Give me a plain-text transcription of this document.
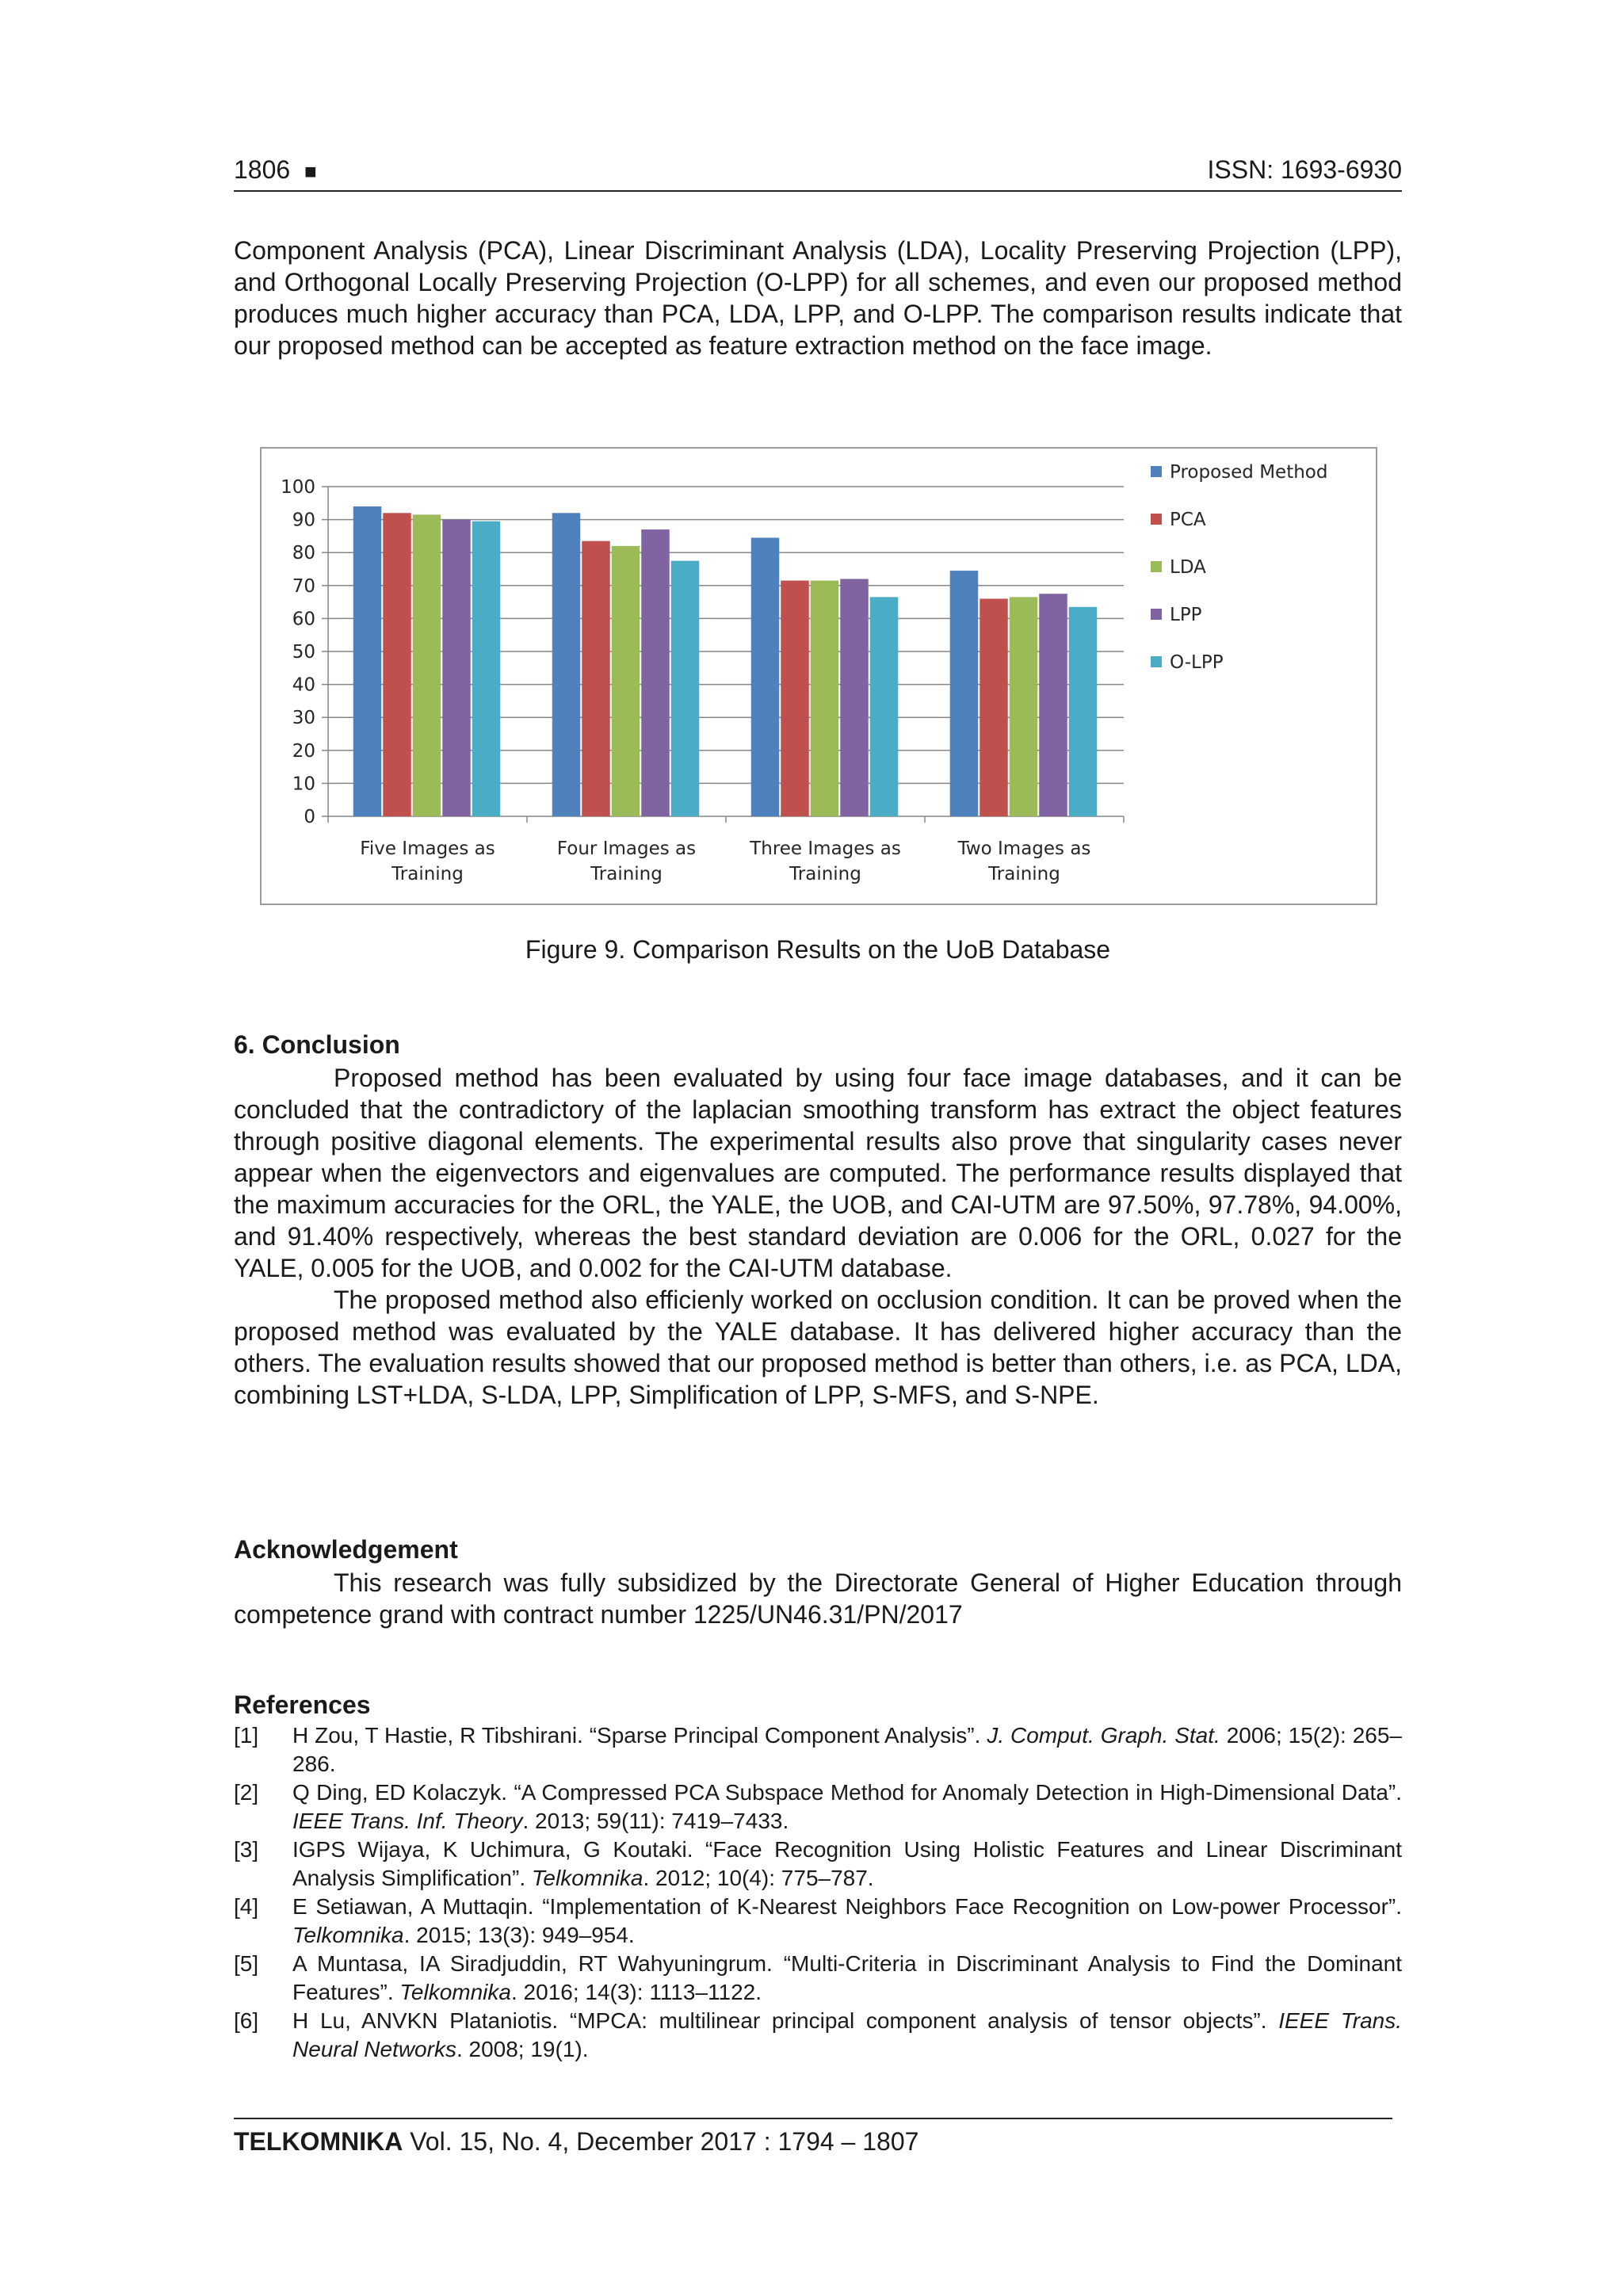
1806 ■	ISSN: 1693-6930

Component Analysis (PCA), Linear Discriminant Analysis (LDA), Locality Preserving Projection (LPP), and Orthogonal Locally Preserving Projection (O-LPP) for all schemes, and even our proposed method produces much higher accuracy than PCA, LDA, LPP, and O-LPP. The comparison results indicate that our proposed method can be accepted as feature extraction method on the face image.

0
10
20
30
40
50
60
70
80
90
100
Five Images as
Training
Four Images as
Training
Three Images as
Training
Two Images as
Training
Proposed Method
PCA
LDA
LPP
O-LPP
Figure 9. Comparison Results on the UoB Database
6. Conclusion

Proposed method has been evaluated by using four face image databases, and it can be concluded that the contradictory of the laplacian smoothing transform has extract the object features through positive diagonal elements. The experimental results also prove that singularity cases never appear when the eigenvectors and eigenvalues are computed. The performance results displayed that the maximum accuracies for the ORL, the YALE, the UOB, and CAI-UTM are 97.50%, 97.78%, 94.00%, and 91.40% respectively, whereas the best standard deviation are 0.006 for the ORL, 0.027 for the YALE, 0.005 for the UOB, and 0.002 for the CAI-UTM database.

The proposed method also efficienly worked on occlusion condition. It can be proved when the proposed method was evaluated by the YALE database. It has delivered higher accuracy than the others. The evaluation results showed that our proposed method is better than others, i.e. as PCA, LDA, combining LST+LDA, S-LDA, LPP, Simplification of LPP, S-MFS, and S-NPE.

Acknowledgement

This research was fully subsidized by the Directorate General of Higher Education through competence grand with contract number 1225/UN46.31/PN/2017

References
[1]	H Zou, T Hastie, R Tibshirani. “Sparse Principal Component Analysis”. J. Comput. Graph. Stat. 2006; 15(2): 265–286.
[2]	Q Ding, ED Kolaczyk. “A Compressed PCA Subspace Method for Anomaly Detection in High-Dimensional Data”. IEEE Trans. Inf. Theory. 2013; 59(11): 7419–7433.
[3]	IGPS Wijaya, K Uchimura, G Koutaki. “Face Recognition Using Holistic Features and Linear Discriminant Analysis Simplification”. Telkomnika. 2012; 10(4): 775–787.
[4]	E Setiawan, A Muttaqin. “Implementation of K-Nearest Neighbors Face Recognition on Low-power Processor”. Telkomnika. 2015; 13(3): 949–954.
[5]	A Muntasa, IA Siradjuddin, RT Wahyuningrum. “Multi-Criteria in Discriminant Analysis to Find the Dominant Features”. Telkomnika. 2016; 14(3): 1113–1122.
[6]	H Lu, ANVKN Plataniotis. “MPCA: multilinear principal component analysis of tensor objects”. IEEE Trans. Neural Networks. 2008; 19(1).
TELKOMNIKA Vol. 15, No. 4, December 2017 : 1794 – 1807
